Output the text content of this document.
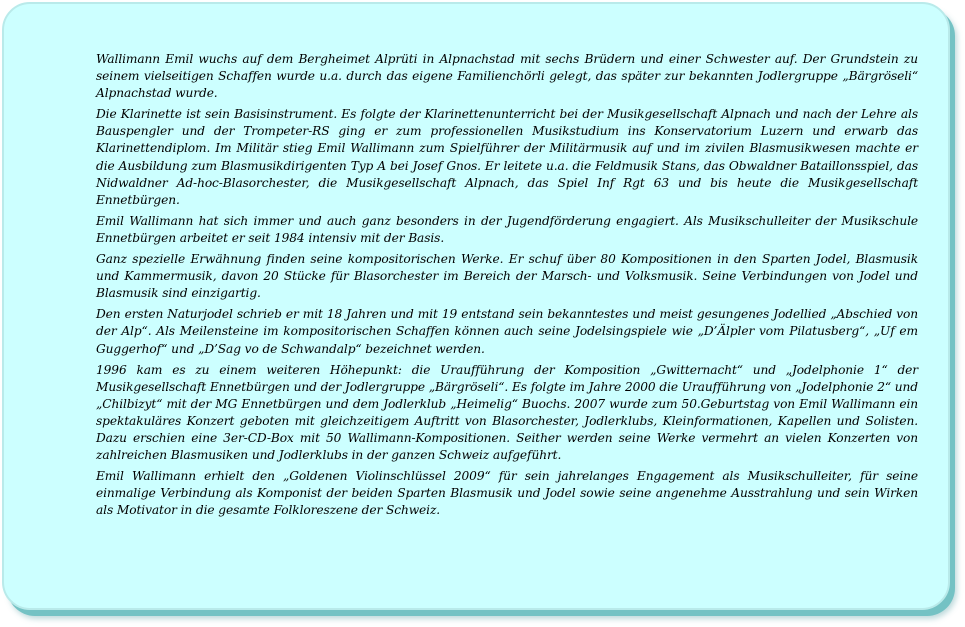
Wallimann Emil wuchs auf dem Bergheimet Alprüti in Alpnachstad mit sechs Brüdern und einer Schwester auf. Der Grundstein zu seinem vielseitigen Schaffen wurde u.a. durch das eigene Familienchörli gelegt, das später zur bekannten Jodlergruppe „Bärgröseli“ Alpnachstad wurde.

Die Klarinette ist sein Basisinstrument. Es folgte der Klarinettenunterricht bei der Musikgesellschaft Alpnach und nach der Lehre als Bauspengler und der Trompeter-RS ging er zum professionellen Musikstudium ins Konservatorium Luzern und erwarb das Klarinettendiplom. Im Militär stieg Emil Wallimann zum Spielführer der Militärmusik auf und im zivilen Blasmusikwesen machte er die Ausbildung zum Blasmusikdirigenten Typ A bei Josef Gnos. Er leitete u.a. die Feldmusik Stans, das Obwaldner Bataillonsspiel, das Nidwaldner Ad-hoc-Blasorchester, die Musikgesellschaft Alpnach, das Spiel Inf Rgt 63 und bis heute die Musikgesellschaft Ennetbürgen.

Emil Wallimann hat sich immer und auch ganz besonders in der Jugendförderung engagiert. Als Musikschulleiter der Musikschule Ennetbürgen arbeitet er seit 1984 intensiv mit der Basis.

Ganz spezielle Erwähnung finden seine kompositorischen Werke. Er schuf über 80 Kompositionen in den Sparten Jodel, Blasmusik und Kammermusik, davon 20 Stücke für Blasorchester im Bereich der Marsch- und Volksmusik. Seine Verbindungen von Jodel und Blasmusik sind einzigartig.

Den ersten Naturjodel schrieb er mit 18 Jahren und mit 19 entstand sein bekanntestes und meist gesungenes Jodellied „Abschied von der Alp“. Als Meilensteine im kompositorischen Schaffen können auch seine Jodelsingspiele wie „D’Älpler vom Pilatusberg“, „Uf em Guggerhof“ und „D’Sag vo de Schwandalp“ bezeichnet werden.

1996 kam es zu einem weiteren Höhepunkt: die Uraufführung der Komposition „Gwitternacht“ und „Jodelphonie 1“ der Musikgesellschaft Ennetbürgen und der Jodlergruppe „Bärgröseli“. Es folgte im Jahre 2000 die Uraufführung von „Jodelphonie 2“ und „Chilbizyt“ mit der MG Ennetbürgen und dem Jodlerklub „Heimelig“ Buochs. 2007 wurde zum 50.Geburtstag von Emil Wallimann ein spektakuläres Konzert geboten mit gleichzeitigem Auftritt von Blasorchester, Jodlerklubs, Kleinformationen, Kapellen und Solisten. Dazu erschien eine 3er-CD-Box mit 50 Wallimann-Kompositionen. Seither werden seine Werke vermehrt an vielen Konzerten von zahlreichen Blasmusiken und Jodlerklubs in der ganzen Schweiz aufgeführt.

Emil Wallimann erhielt den „Goldenen Violinschlüssel 2009“ für sein jahrelanges Engagement als Musikschulleiter, für seine einmalige Verbindung als Komponist der beiden Sparten Blasmusik und Jodel sowie seine angenehme Ausstrahlung und sein Wirken als Motivator in die gesamte Folkloreszene der Schweiz.
